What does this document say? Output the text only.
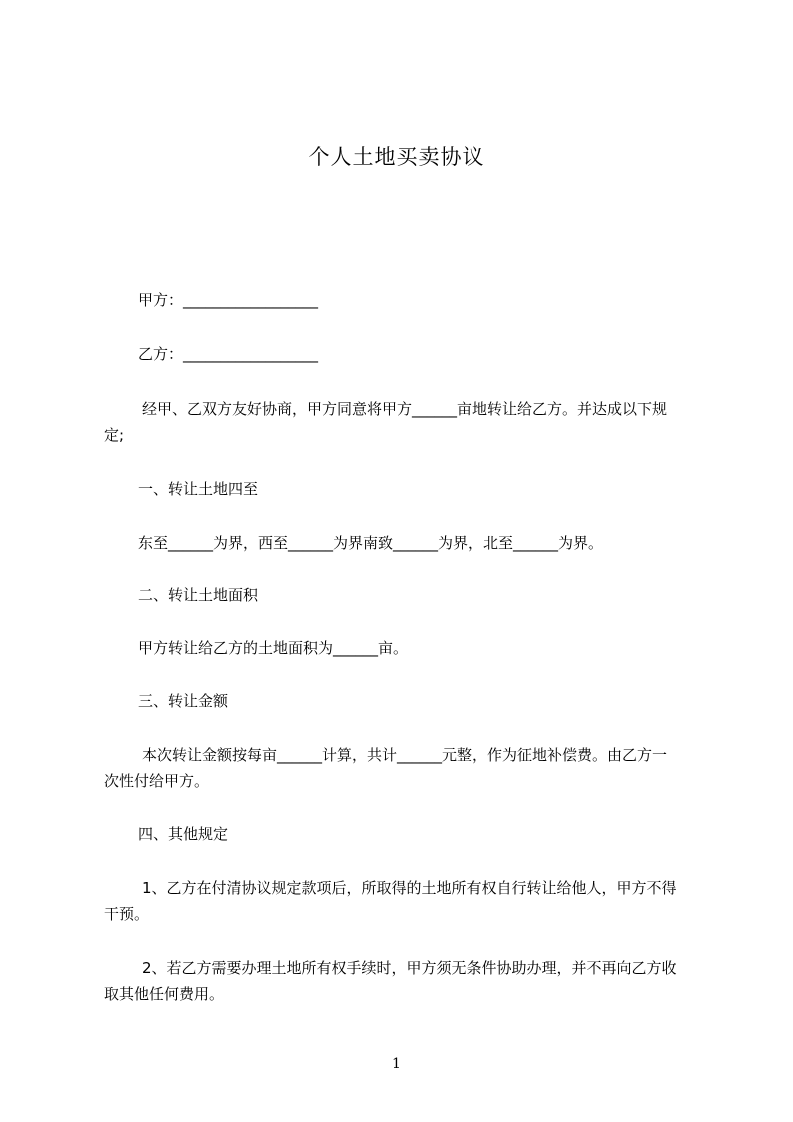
个人土地买卖协议
甲方：__________________
乙方：__________________
经甲、乙双方友好协商，甲方同意将甲方______亩地转让给乙方。并达成以下规
定;
一、转让土地四至
东至______为界，西至______为界南致______为界，北至______为界。
二、转让土地面积
甲方转让给乙方的土地面积为______亩。
三、转让金额
本次转让金额按每亩______计算，共计______元整，作为征地补偿费。由乙方一
次性付给甲方。
四、其他规定
1、乙方在付清协议规定款项后，所取得的土地所有权自行转让给他人，甲方不得
干预。
2、若乙方需要办理土地所有权手续时，甲方须无条件协助办理，并不再向乙方收
取其他任何费用。
1
